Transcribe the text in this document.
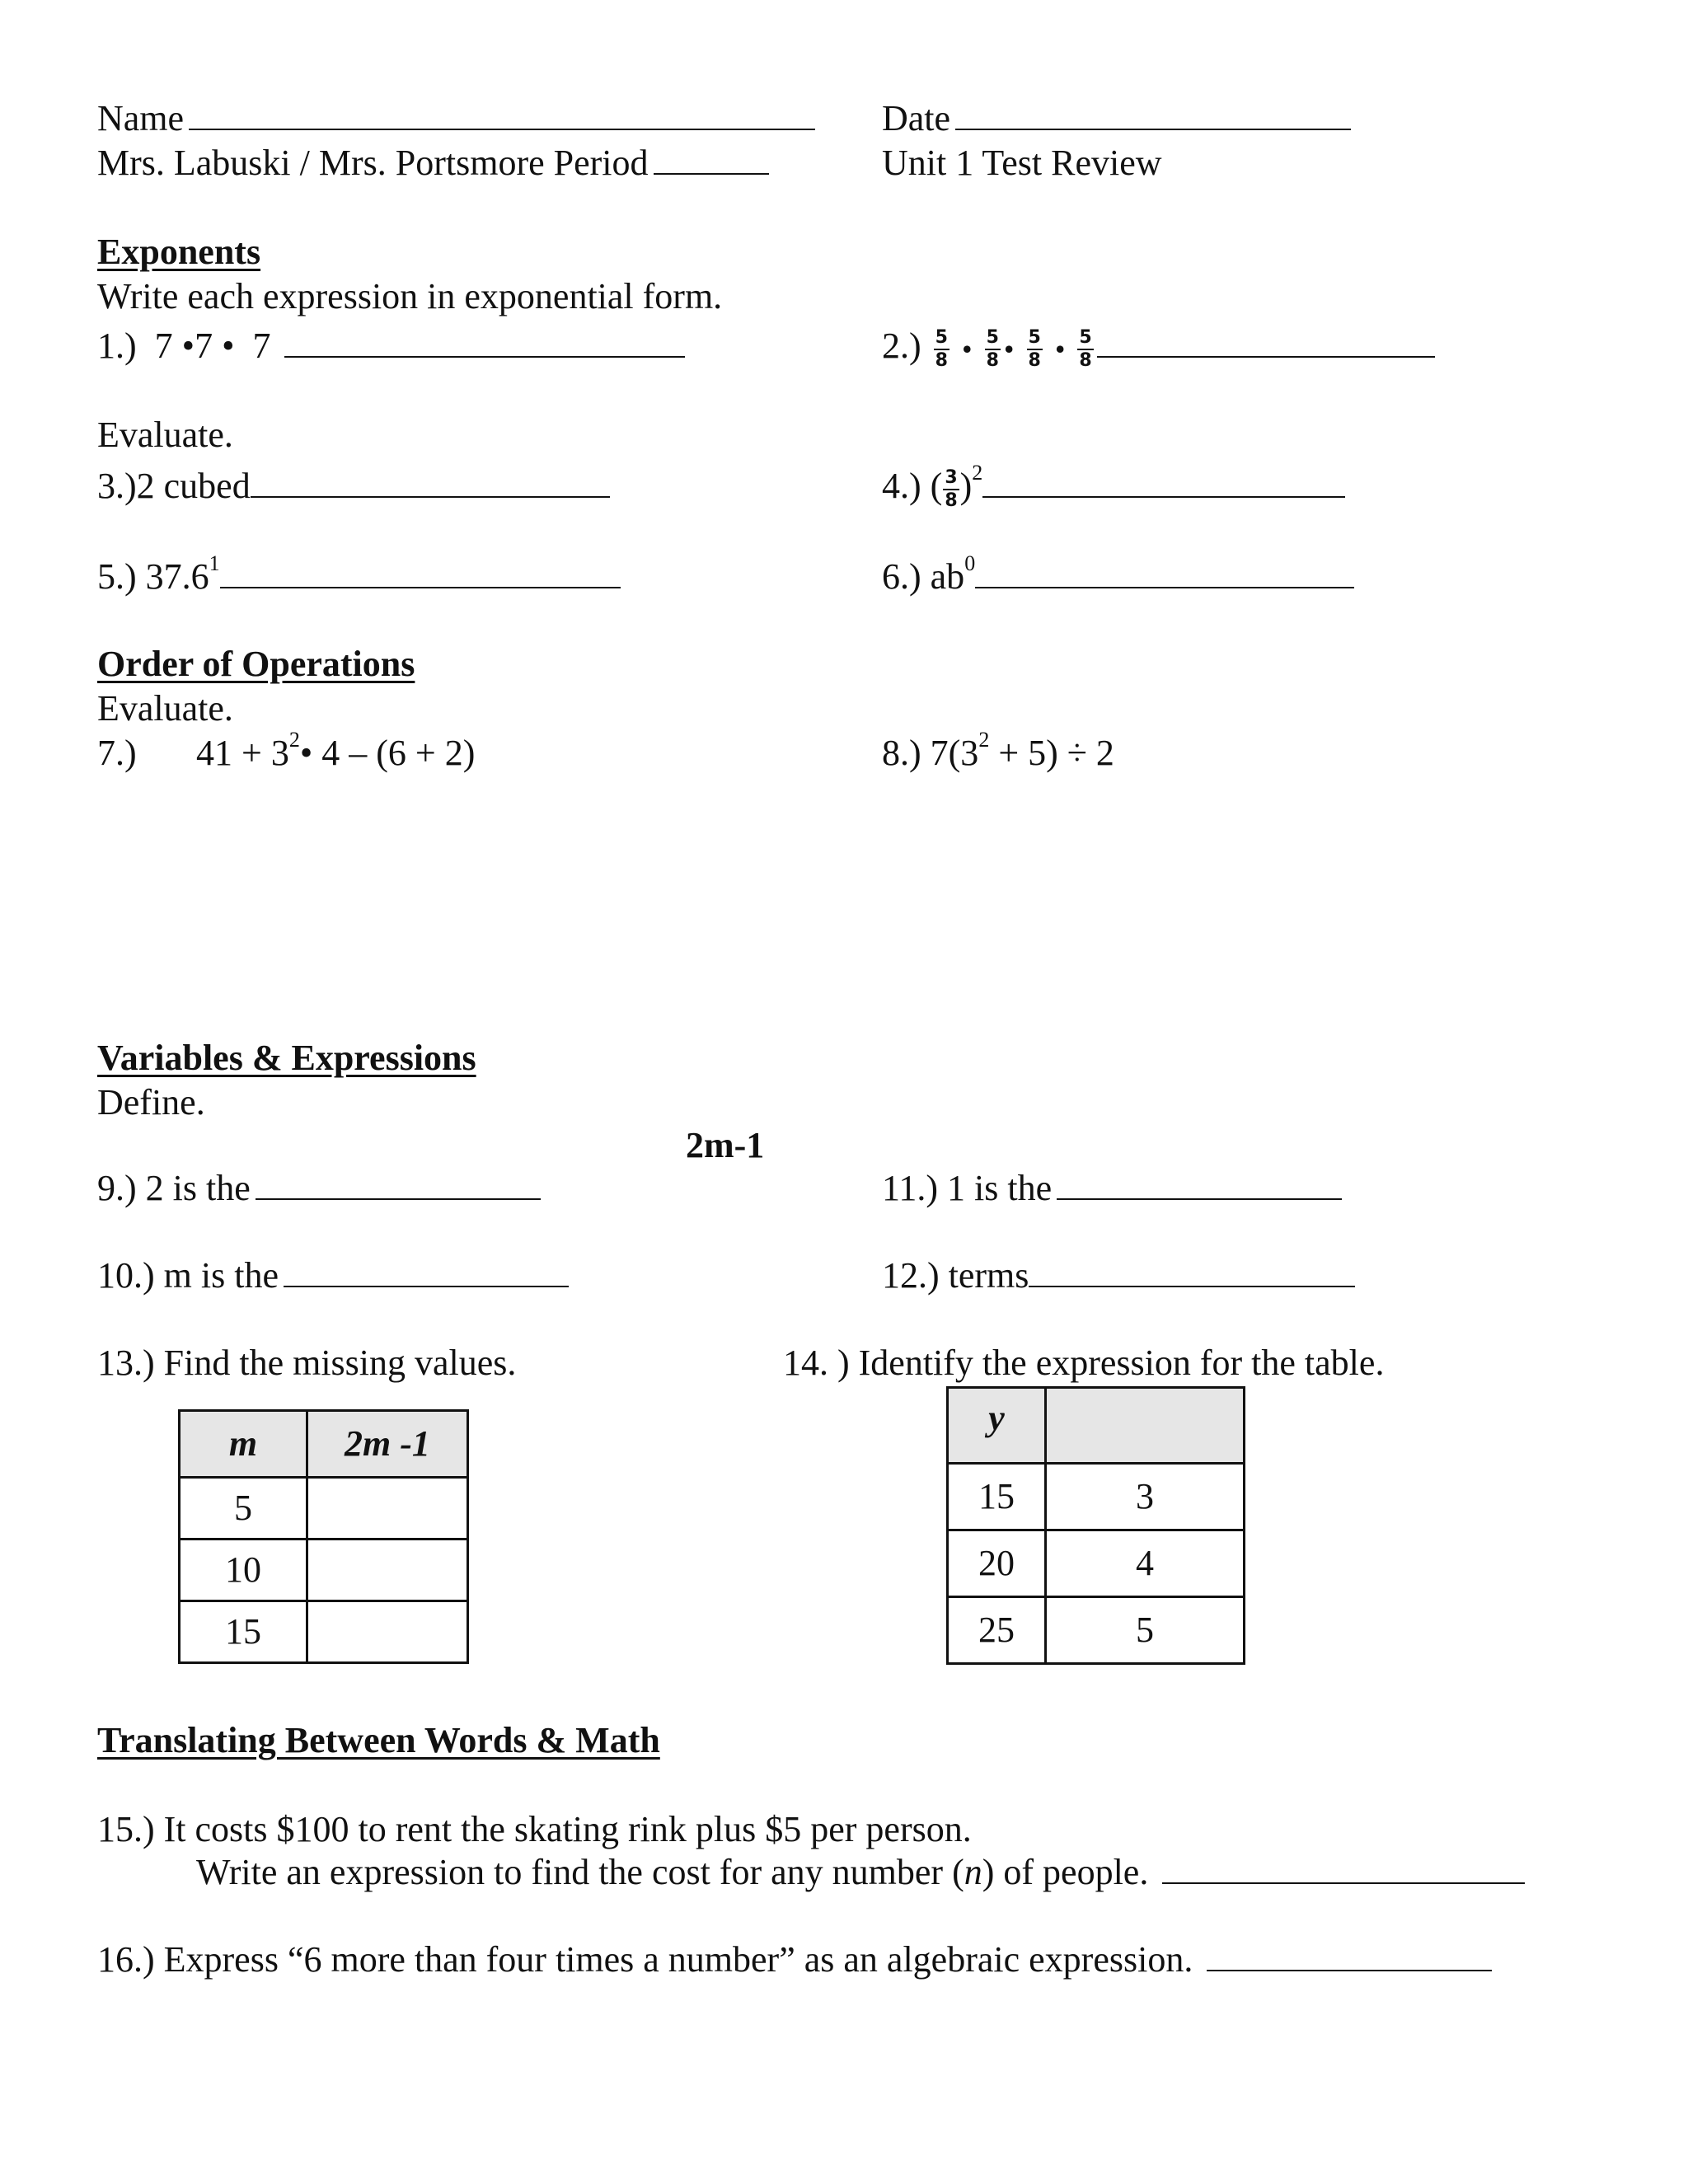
Name
Mrs. Labuski / Mrs. Portsmore Period
Date
Unit 1 Test Review
Exponents
Write each expression in exponential form.
1.) 7 •7 • 7	$2.) \frac{5}{8}$ • $\frac{5}{8}$ • $\frac{5}{8}$ • $\frac{5}{8}$
Evaluate.
3.)2 cubed	4.) ( $\frac{3}{8} )^2$
5.) 37.6$^1$	6.) $ab^0$
Order of Operations
Evaluate.
7.) $41 + 3^2•$ 4 – (6 + 2)	8.) $7(3^2 + 5) \div 2$
Variables & Expressions
Define.
2m-1
9.) 2 is the	11.) 1 is the
10.) m is the	12.) terms
13.) Find the missing values.	14. ) Identify the expression for the table.
m	2m -1
5	
10	
15	
y	
15	3
20	4
25	5
Translating Between Words & Math
15.) It costs $100 to rent the skating rink plus $5 per person.
Write an expression to find the cost for any number (n) of people.
16.) Express “6 more than four times a number” as an algebraic expression.
